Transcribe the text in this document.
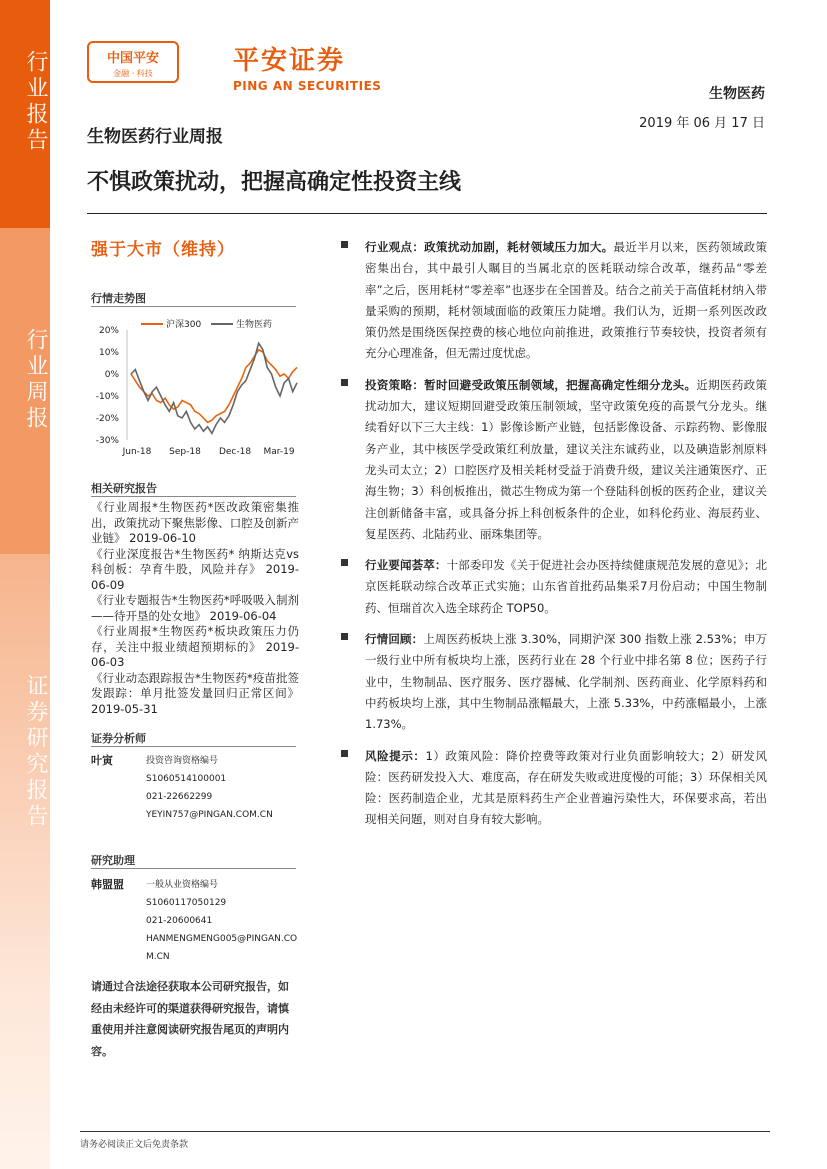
行业报告
行业周报
证券研究报告
中国平安
金融 · 科技	平安证券
PING AN SECURITIES	生物医药
2019 年 06 月 17 日
生物医药行业周报
不惧政策扰动，把握高确定性投资主线
强于大市（维持）
行情走势图
20%
10%
0%
-10%
-20%
-30%
Jun-18 Sep-18 Dec-18 Mar-19
沪深300	生物医药
相关研究报告
《行业周报*生物医药*医改政策密集推出，政策扰动下聚焦影像、口腔及创新产业链》 2019-06-10
《行业深度报告*生物医药* 纳斯达克vs科创板：孕育牛股，风险并存》 2019-06-09
《行业专题报告*生物医药*呼吸吸入制剂——待开垦的处女地》 2019-06-04
《行业周报*生物医药*板块政策压力仍存，关注中报业绩超预期标的》 2019-06-03
《行业动态跟踪报告*生物医药*疫苗批签发跟踪：单月批签发量回归正常区间》 2019-05-31
证券分析师
叶寅	投资咨询资格编号
S1060514100001
021-22662299
YEYIN757@PINGAN.COM.CN
研究助理
韩盟盟 一般从业资格编号
S1060117050129
021-20600641
HANMENGMENG005@PINGAN.COM.CN
请通过合法途径获取本公司研究报告，如经由未经许可的渠道获得研究报告，请慎重使用并注意阅读研究报告尾页的声明内容。
行业观点：政策扰动加剧，耗材领域压力加大。最近半月以来，医药领域政策密集出台，其中最引人瞩目的当属北京的医耗联动综合改革，继药品“零差率”之后，医用耗材“零差率”也逐步在全国普及。结合之前关于高值耗材纳入带量采购的预期，耗材领域面临的政策压力陡增。我们认为，近期一系列医改政策仍然是围绕医保控费的核心地位向前推进，政策推行节奏较快，投资者须有充分心理准备，但无需过度忧虑。
投资策略：暂时回避受政策压制领域，把握高确定性细分龙头。近期医药政策扰动加大，建议短期回避受政策压制领域，坚守政策免疫的高景气分龙头。继续看好以下三大主线：1）影像诊断产业链，包括影像设备、示踪药物、影像服务产业，其中核医学受政策红利放量，建议关注东诚药业，以及碘造影剂原料龙头司太立；2）口腔医疗及相关耗材受益于消费升级，建议关注通策医疗、正海生物；3）科创板推出，微芯生物成为第一个登陆科创板的医药企业，建议关注创新储备丰富，或具备分拆上科创板条件的企业，如科伦药业、海辰药业、复星医药、北陆药业、丽珠集团等。
行业要闻荟萃：十部委印发《关于促进社会办医持续健康规范发展的意见》；北京医耗联动综合改革正式实施；山东省首批药品集采7月份启动；中国生物制药、恒瑞首次入选全球药企 TOP50。
行情回顾：上周医药板块上涨 3.30%，同期沪深 300 指数上涨 2.53%；申万一级行业中所有板块均上涨，医药行业在 28 个行业中排名第 8 位；医药子行业中，生物制品、医疗服务、医疗器械、化学制剂、医药商业、化学原料药和中药板块均上涨，其中生物制品涨幅最大，上涨 5.33%，中药涨幅最小，上涨 1.73%。
风险提示：1）政策风险：降价控费等政策对行业负面影响较大；2）研发风险：医药研发投入大、难度高，存在研发失败或进度慢的可能；3）环保相关风险：医药制造企业，尤其是原料药生产企业普遍污染性大，环保要求高，若出现相关问题，则对自身有较大影响。
请务必阅读正文后免责条款
